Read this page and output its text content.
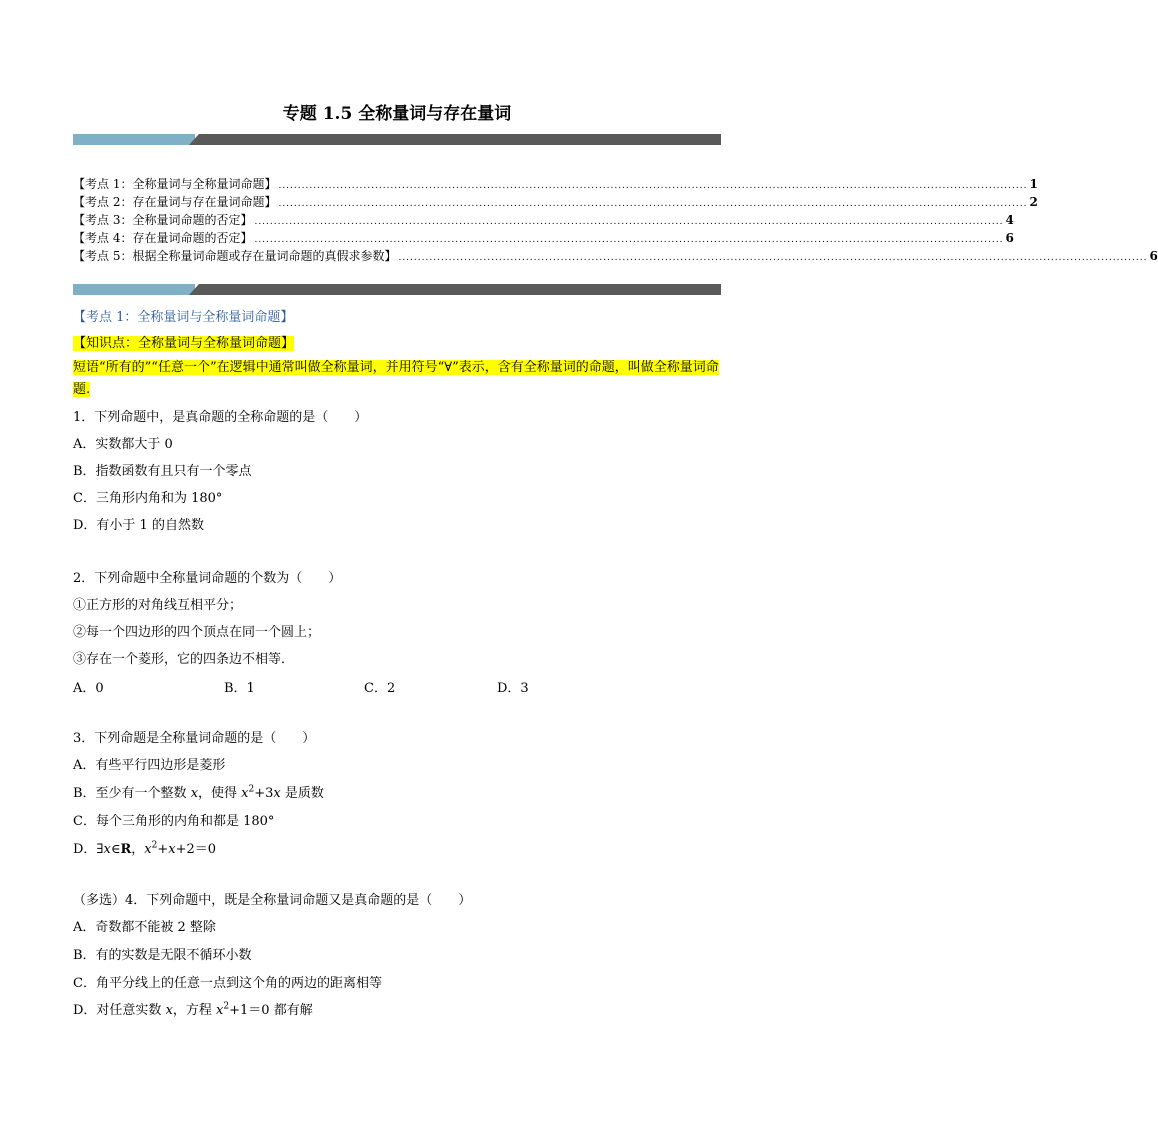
专题 1.5 全称量词与存在量词
【考点 1：全称量词与全称量词命题】 .................................................................................................................................................................................................. 1
【考点 2：存在量词与存在量词命题】 .................................................................................................................................................................................................. 2
【考点 3：全称量词命题的否定】 .................................................................................................................................................................................................. 4
【考点 4：存在量词命题的否定】 .................................................................................................................................................................................................. 6
【考点 5：根据全称量词命题或存在量词命题的真假求参数】 .................................................................................................................................................................................................. 6
【考点 1：全称量词与全称量词命题】
【知识点：全称量词与全称量词命题】
短语“所有的”“任意一个”在逻辑中通常叫做全称量词，并用符号“∀”表示，含有全称量词的命题，叫做全称量词命题.
1．下列命题中，是真命题的全称命题的是（　　）
A．实数都大于 0
B．指数函数有且只有一个零点
C．三角形内角和为 180°
D．有小于 1 的自然数
2．下列命题中全称量词命题的个数为（　　）
①正方形的对角线互相平分；
②每一个四边形的四个顶点在同一个圆上；
③存在一个菱形，它的四条边不相等．
A．0	B．1	C．2	D．3
3．下列命题是全称量词命题的是（　　）
A．有些平行四边形是菱形
B．至少有一个整数 x，使得 $x^2+3x$ 是质数
C．每个三角形的内角和都是 180°
D．∃x∈R，$x^2+x+2=0$
（多选）4．下列命题中，既是全称量词命题又是真命题的是（　　）
A．奇数都不能被 2 整除
B．有的实数是无限不循环小数
C．角平分线上的任意一点到这个角的两边的距离相等
D．对任意实数 x，方程 $x^2+1=0$ 都有解
